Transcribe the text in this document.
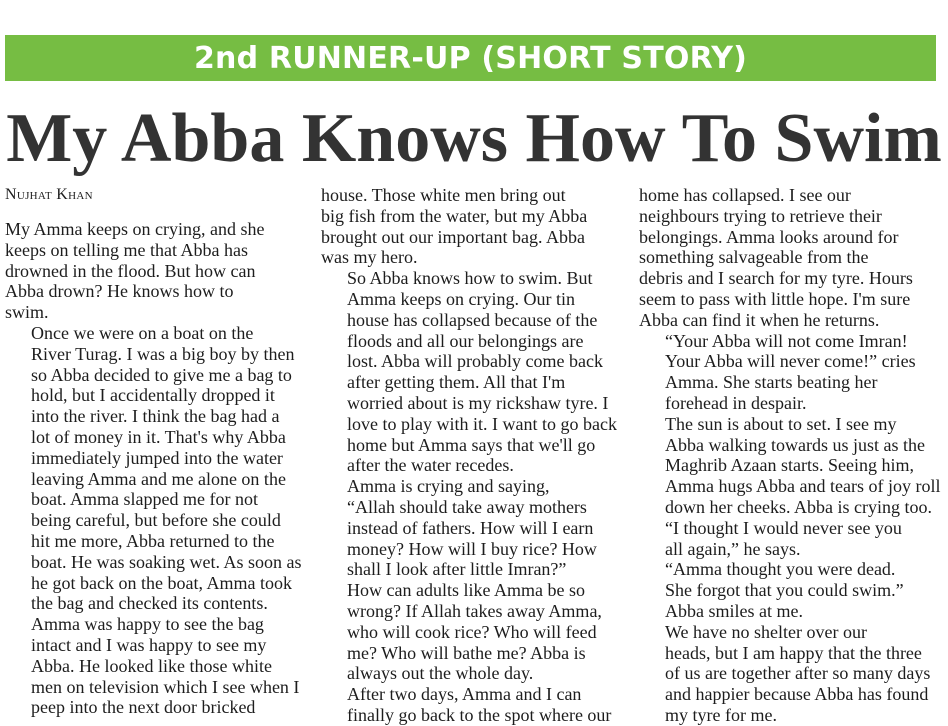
2nd RUNNER-UP (SHORT STORY)
My Abba Knows How To Swim

Nujhat Khan

My Amma keeps on crying, and she
keeps on telling me that Abba has
drowned in the flood. But how can
Abba drown? He knows how to
swim.

Once we were on a boat on the
River Turag. I was a big boy by then
so Abba decided to give me a bag to
hold, but I accidentally dropped it
into the river. I think the bag had a
lot of money in it. That's why Abba
immediately jumped into the water
leaving Amma and me alone on the
boat. Amma slapped me for not
being careful, but before she could
hit me more, Abba returned to the
boat. He was soaking wet. As soon as
he got back on the boat, Amma took
the bag and checked its contents.
Amma was happy to see the bag
intact and I was happy to see my
Abba. He looked like those white
men on television which I see when I
peep into the next door bricked

house. Those white men bring out
big fish from the water, but my Abba
brought out our important bag. Abba
was my hero.

So Abba knows how to swim. But
Amma keeps on crying. Our tin
house has collapsed because of the
floods and all our belongings are
lost. Abba will probably come back
after getting them. All that I'm
worried about is my rickshaw tyre. I
love to play with it. I want to go back
home but Amma says that we'll go
after the water recedes.

Amma is crying and saying,
“Allah should take away mothers
instead of fathers. How will I earn
money? How will I buy rice? How
shall I look after little Imran?”

How can adults like Amma be so
wrong? If Allah takes away Amma,
who will cook rice? Who will feed
me? Who will bathe me? Abba is
always out the whole day.

After two days, Amma and I can
finally go back to the spot where our

home has collapsed. I see our
neighbours trying to retrieve their
belongings. Amma looks around for
something salvageable from the
debris and I search for my tyre. Hours
seem to pass with little hope. I'm sure
Abba can find it when he returns.

“Your Abba will not come Imran!
Your Abba will never come!” cries
Amma. She starts beating her
forehead in despair.

The sun is about to set. I see my
Abba walking towards us just as the
Maghrib Azaan starts. Seeing him,
Amma hugs Abba and tears of joy roll
down her cheeks. Abba is crying too.

“I thought I would never see you
all again,” he says.

“Amma thought you were dead.
She forgot that you could swim.”
Abba smiles at me.

We have no shelter over our
heads, but I am happy that the three
of us are together after so many days
and happier because Abba has found
my tyre for me.
